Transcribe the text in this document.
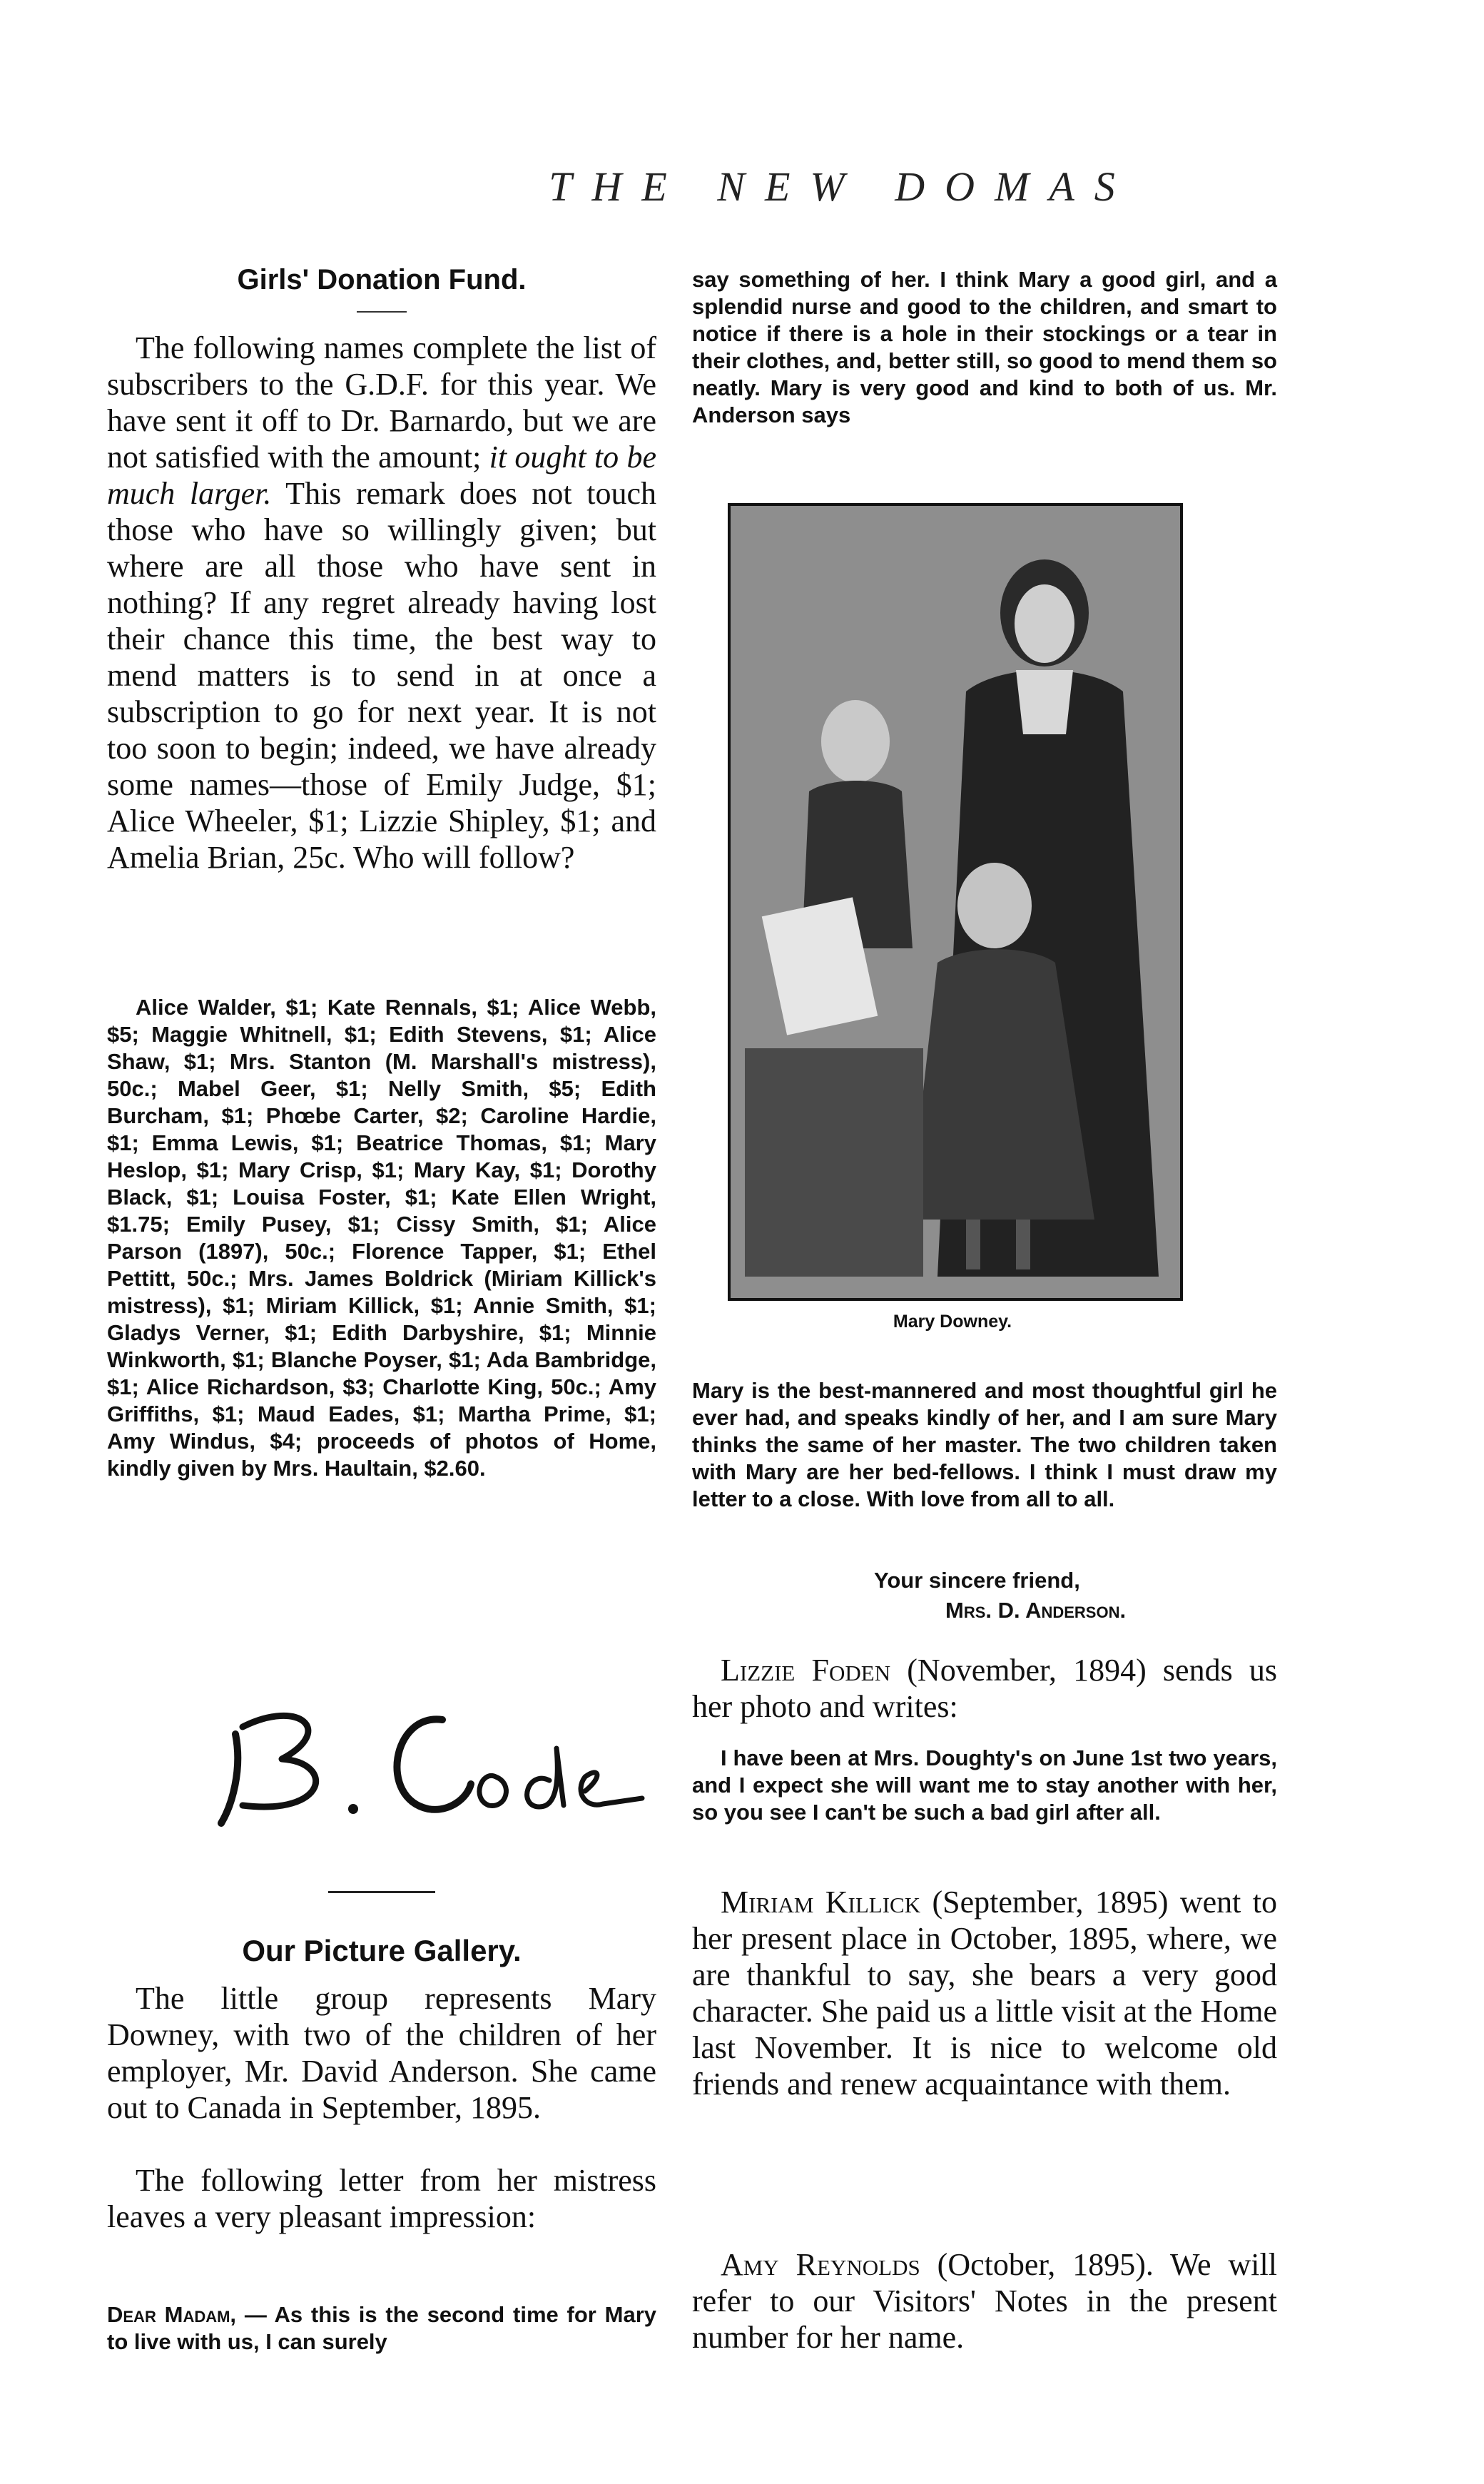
THE NEW DOMAS
Girls' Donation Fund.

The following names complete the list of subscribers to the G.D.F. for this year. We have sent it off to Dr. Barnardo, but we are not satisfied with the amount; it ought to be much larger. This remark does not touch those who have so willingly given; but where are all those who have sent in nothing? If any regret already having lost their chance this time, the best way to mend matters is to send in at once a subscription to go for next year. It is not too soon to begin; indeed, we have already some names—those of Emily Judge, $1; Alice Wheeler, $1; Lizzie Shipley, $1; and Amelia Brian, 25c. Who will follow?

Alice Walder, $1; Kate Rennals, $1; Alice Webb, $5; Maggie Whitnell, $1; Edith Stevens, $1; Alice Shaw, $1; Mrs. Stanton (M. Marshall's mistress), 50c.; Mabel Geer, $1; Nelly Smith, $5; Edith Burcham, $1; Phœbe Carter, $2; Caroline Hardie, $1; Emma Lewis, $1; Beatrice Thomas, $1; Mary Heslop, $1; Mary Crisp, $1; Mary Kay, $1; Dorothy Black, $1; Louisa Foster, $1; Kate Ellen Wright, $1.75; Emily Pusey, $1; Cissy Smith, $1; Alice Parson (1897), 50c.; Florence Tapper, $1; Ethel Pettitt, 50c.; Mrs. James Boldrick (Miriam Killick's mistress), $1; Miriam Killick, $1; Annie Smith, $1; Gladys Verner, $1; Edith Darbyshire, $1; Minnie Winkworth, $1; Blanche Poyser, $1; Ada Bambridge, $1; Alice Richardson, $3; Charlotte King, 50c.; Amy Griffiths, $1; Maud Eades, $1; Martha Prime, $1; Amy Windus, $4; proceeds of photos of Home, kindly given by Mrs. Haultain, $2.60.

Our Picture Gallery.

The little group represents Mary Downey, with two of the children of her employer, Mr. David Anderson. She came out to Canada in September, 1895.

The following letter from her mistress leaves a very pleasant impression:

Dear Madam, — As this is the second time for Mary to live with us, I can surely

say something of her. I think Mary a good girl, and a splendid nurse and good to the children, and smart to notice if there is a hole in their stockings or a tear in their clothes, and, better still, so good to mend them so neatly. Mary is very good and kind to both of us. Mr. Anderson says

Mary Downey.

Mary is the best-mannered and most thoughtful girl he ever had, and speaks kindly of her, and I am sure Mary thinks the same of her master. The two children taken with Mary are her bed-fellows. I think I must draw my letter to a close. With love from all to all.

Your sincere friend,

Mrs. D. Anderson.

Lizzie Foden (November, 1894) sends us her photo and writes:

I have been at Mrs. Doughty's on June 1st two years, and I expect she will want me to stay another with her, so you see I can't be such a bad girl after all.

Miriam Killick (September, 1895) went to her present place in October, 1895, where, we are thankful to say, she bears a very good character. She paid us a little visit at the Home last November. It is nice to welcome old friends and renew acquaintance with them.

Amy Reynolds (October, 1895). We will refer to our Visitors' Notes in the present number for her name.
